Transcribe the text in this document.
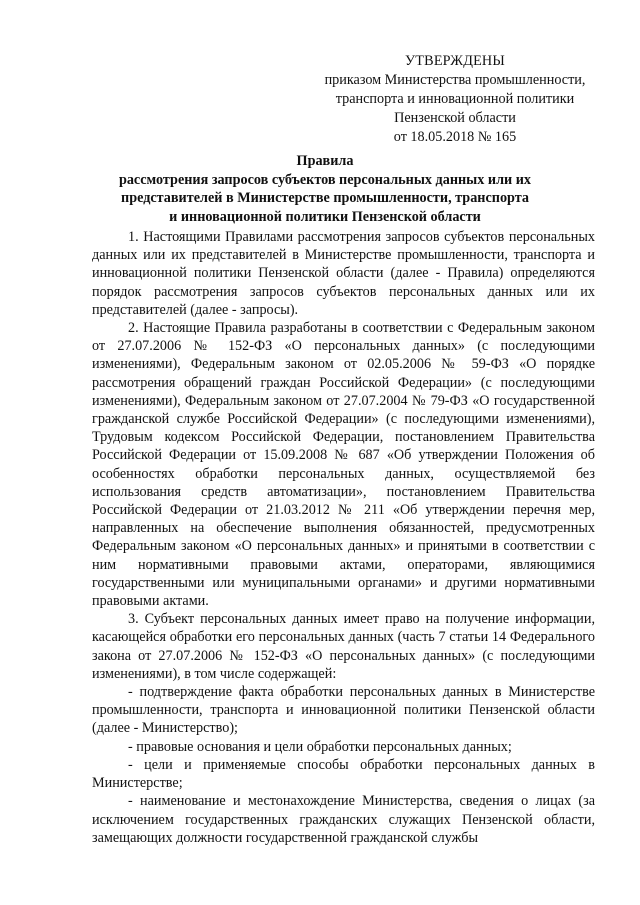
УТВЕРЖДЕНЫ
приказом Министерства промышленности,
транспорта и инновационной политики
Пензенской области
от 18.05.2018 № 165
Правила
рассмотрения запросов субъектов персональных данных или их
представителей в Министерстве промышленности, транспорта
и инновационной политики Пензенской области

1. Настоящими Правилами рассмотрения запросов субъектов персональных данных или их представителей в Министерстве промышленности, транспорта и инновационной политики Пензенской области (далее - Правила) определяются порядок рассмотрения запросов субъектов персональных данных или их представителей (далее - запросы).

2. Настоящие Правила разработаны в соответствии с Федеральным законом от 27.07.2006 № 152-ФЗ «О персональных данных» (с последующими изменениями), Федеральным законом от 02.05.2006 № 59-ФЗ «О порядке рассмотрения обращений граждан Российской Федерации» (с последующими изменениями), Федеральным законом от 27.07.2004 № 79-ФЗ «О государственной гражданской службе Российской Федерации» (с последующими изменениями), Трудовым кодексом Российской Федерации, постановлением Правительства Российской Федерации от 15.09.2008 № 687 «Об утверждении Положения об особенностях обработки персональных данных, осуществляемой без использования средств автоматизации», постановлением Правительства Российской Федерации от 21.03.2012 № 211 «Об утверждении перечня мер, направленных на обеспечение выполнения обязанностей, предусмотренных Федеральным законом «О персональных данных» и принятыми в соответствии с ним нормативными правовыми актами, операторами, являющимися государственными или муниципальными органами» и другими нормативными правовыми актами.

3. Субъект персональных данных имеет право на получение информации, касающейся обработки его персональных данных (часть 7 статьи 14 Федерального закона от 27.07.2006 № 152-ФЗ «О персональных данных» (с последующими изменениями), в том числе содержащей:

- подтверждение факта обработки персональных данных в Министерстве промышленности, транспорта и инновационной политики Пензенской области (далее - Министерство);

- правовые основания и цели обработки персональных данных;

- цели и применяемые способы обработки персональных данных в Министерстве;

- наименование и местонахождение Министерства, сведения о лицах (за исключением государственных гражданских служащих Пензенской области, замещающих должности государственной гражданской службы
